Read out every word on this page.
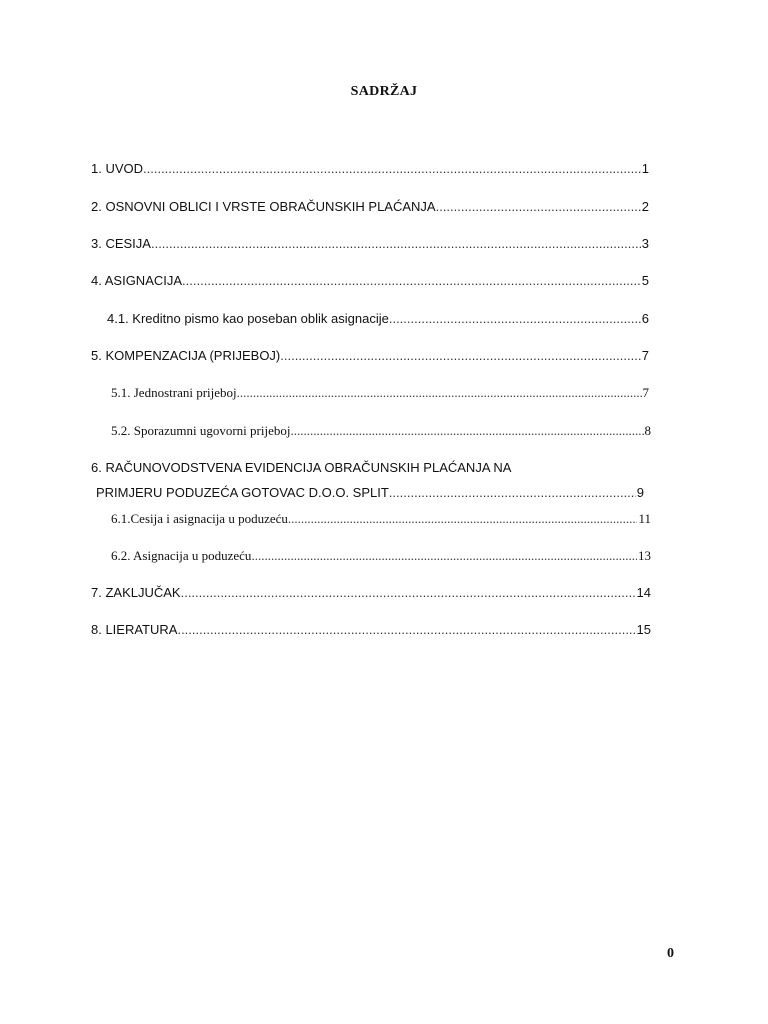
SADRŽAJ
1. UVOD .....	1
2. OSNOVNI OBLICI I VRSTE OBRAČUNSKIH PLAĆANJA .....	2
3. CESIJA .....	3
4. ASIGNACIJA .....	5
4.1. Kreditno pismo kao poseban oblik asignacije .....	6
5. KOMPENZACIJA (PRIJEBOJ) .....	7
5.1. Jednostrani prijeboj .....	7
5.2. Sporazumni ugovorni prijeboj .....	8
6. RAČUNOVODSTVENA EVIDENCIJA OBRAČUNSKIH PLAĆANJA NA
PRIMJERU PODUZEĆA GOTOVAC D.O.O. SPLIT .....	9
6.1.Cesija i asignacija u poduzeću .....	11
6.2. Asignacija u poduzeću .....	13
7. ZAKLJUČAK .....	14
8. LIERATURA .....	15
0
